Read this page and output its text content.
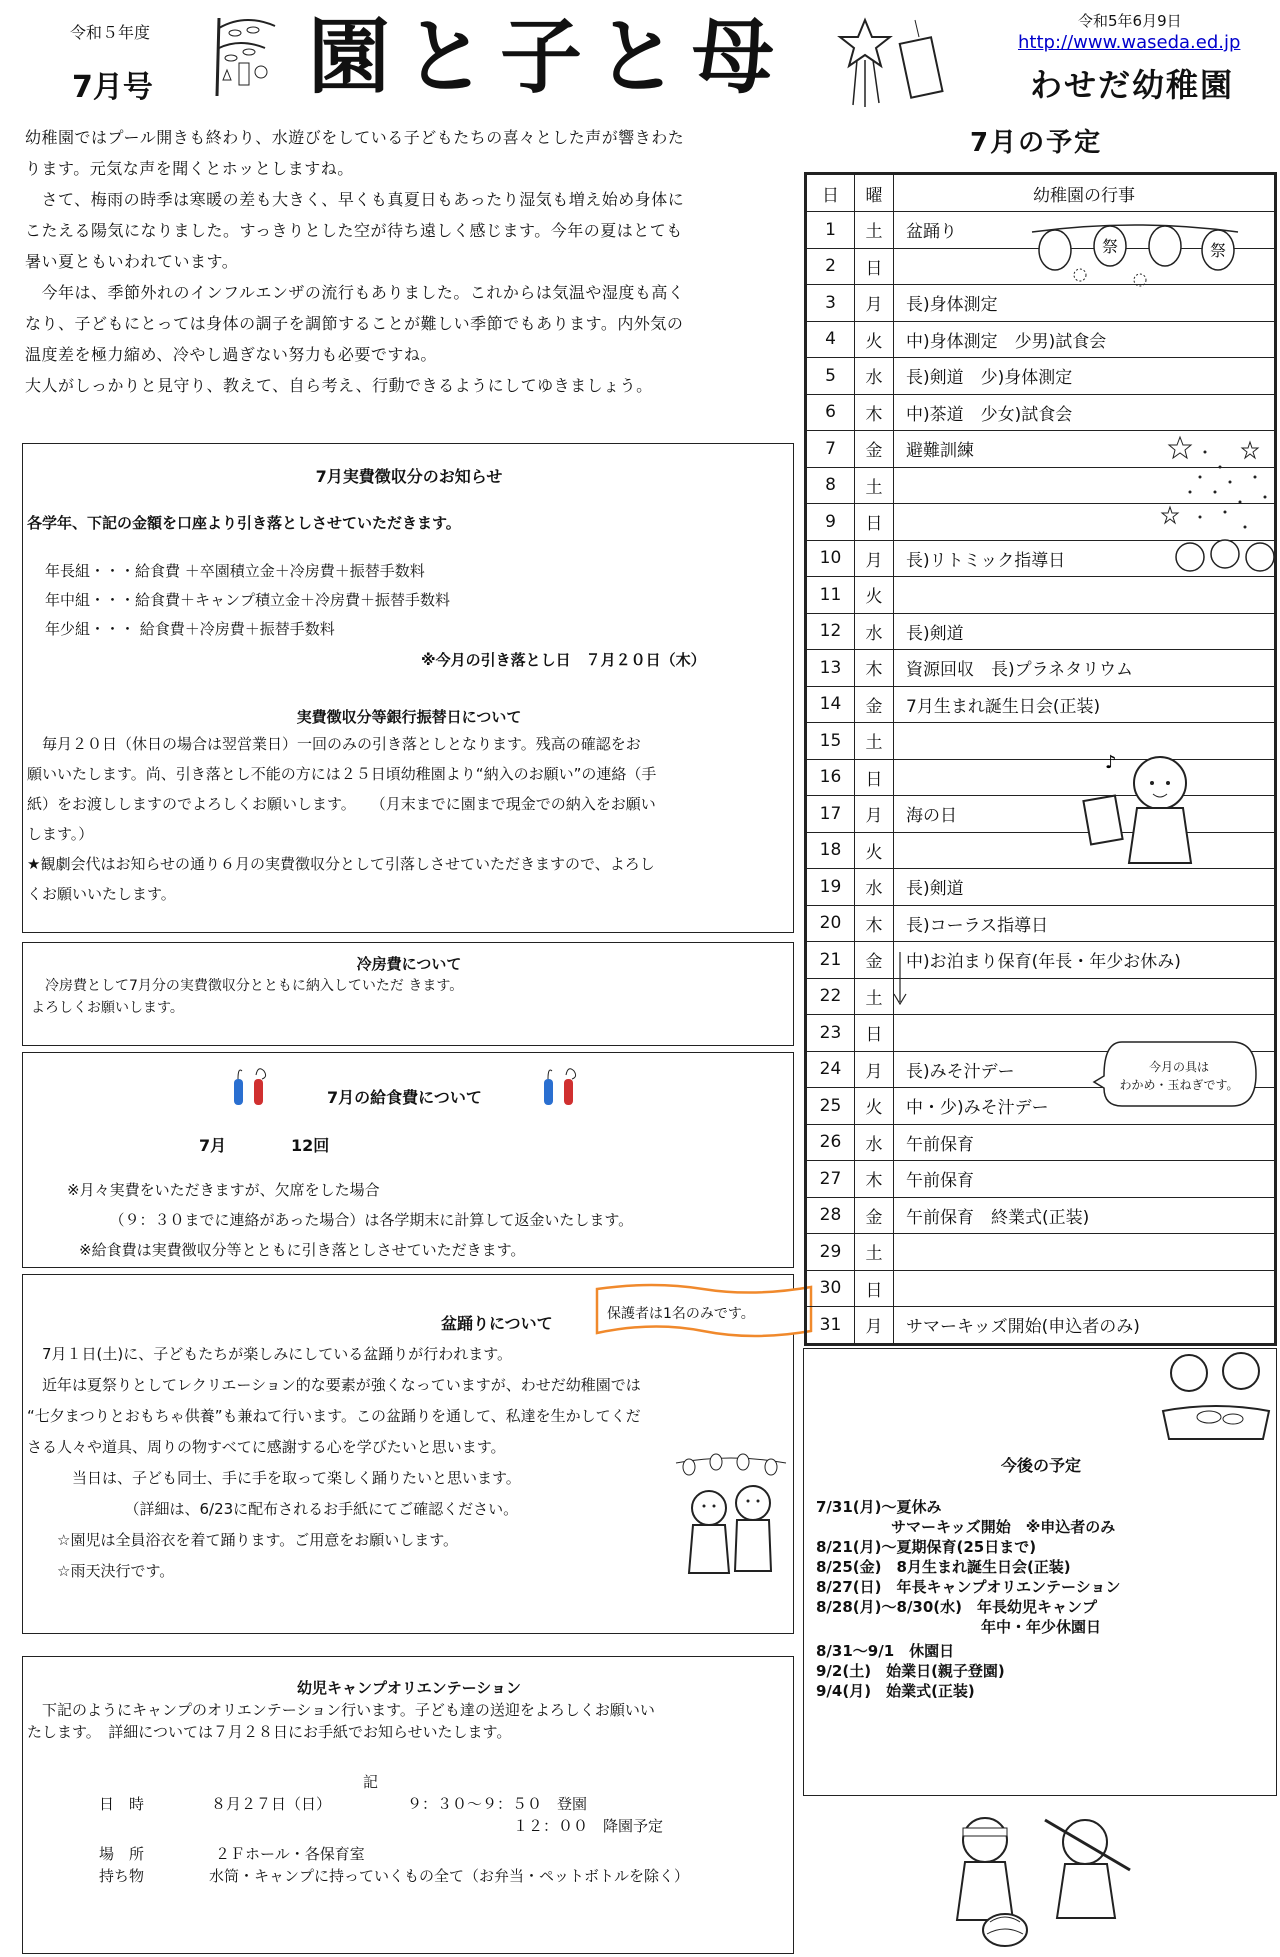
令和５年度
7月号 園と子と母	令和5年6月9日
http://www.waseda.ed.jp
わせだ幼稚園
幼稚園ではプール開きも終わり、水遊びをしている子どもたちの喜々とした声が響きわた
ります。元気な声を聞くとホッとしますね。
　さて、梅雨の時季は寒暖の差も大きく、早くも真夏日もあったり湿気も増え始め身体に
こたえる陽気になりました。すっきりとした空が待ち遠しく感じます。今年の夏はとても
暑い夏ともいわれています。
　今年は、季節外れのインフルエンザの流行もありました。これからは気温や湿度も高く
なり、子どもにとっては身体の調子を調節することが難しい季節でもあります。内外気の
温度差を極力縮め、冷やし過ぎない努力も必要ですね。
大人がしっかりと見守り、教えて、自ら考え、行動できるようにしてゆきましょう。
7月実費徴収分のお知らせ
各学年、下記の金額を口座より引き落としさせていただきます。
年長組・・・給食費 ＋卒園積立金＋冷房費＋振替手数料
年中組・・・給食費＋キャンプ積立金＋冷房費＋振替手数料
年少組・・・ 給食費＋冷房費＋振替手数料
※今月の引き落とし日　７月２０日（木）
実費徴収分等銀行振替日について
　毎月２０日（休日の場合は翌営業日）一回のみの引き落としとなります。残高の確認をお
願いいたします。尚、引き落とし不能の方には２５日頃幼稚園より“納入のお願い”の連絡（手
紙）をお渡ししますのでよろしくお願いします。　　（月末までに園まで現金での納入をお願い
します。）
★観劇会代はお知らせの通り６月の実費徴収分として引落しさせていただきますので、よろし
くお願いいたします。
冷房費について
　冷房費として7月分の実費徴収分とともに納入していただ きます。
よろしくお願いします。
7月の給食費について
7月	12回
※月々実費をいただきますが、欠席をした場合
　　（９：３０までに連絡があった場合）は各学期末に計算して返金いたします。
※給食費は実費徴収分等とともに引き落としさせていただきます。
盆踊りについて	保護者は1名のみです。
　7月１日(土)に、子どもたちが楽しみにしている盆踊りが行われます。
　近年は夏祭りとしてレクリエーション的な要素が強くなっていますが、わせだ幼稚園では
“七夕まつりとおもちゃ供養”も兼ねて行います。この盆踊りを通して、私達を生かしてくだ
さる人々や道具、周りの物すべてに感謝する心を学びたいと思います。
　　　当日は、子ども同士、手に手を取って楽しく踊りたいと思います。
　　　　　　　（詳細は、6/23に配布されるお手紙にてご確認ください。
　　☆園児は全員浴衣を着て踊ります。ご用意をお願いします。
　　☆雨天決行です。
幼児キャンプオリエンテーション
　下記のようにキャンプのオリエンテーション行います。子ども達の送迎をよろしくお願いい
たします。　詳細については７月２８日にお手紙でお知らせいたします。
記
日　時	８月２７日（日）	９：３０〜９：５０　登園
１２：００　降園予定
場　所	２Ｆホール・各保育室
持ち物	水筒・キャンプに持っていくもの全て（お弁当・ペットボトルを除く）
7月の予定
日	曜	幼稚園の行事
1	土	盆踊り
2	日	
3	月	長)身体測定
4	火	中)身体測定　少男)試食会
5	水	長)剣道　少)身体測定
6	木	中)茶道　少女)試食会
7	金	避難訓練
8	土	
9	日	
10	月	長)リトミック指導日
11	火	
12	水	長)剣道
13	木	資源回収　長)プラネタリウム
14	金	7月生まれ誕生日会(正装)
15	土	
16	日	
17	月	海の日
18	火	
19	水	長)剣道
20	木	長)コーラス指導日
21	金	中)お泊まり保育(年長・年少お休み)
22	土	
23	日	
24	月	長)みそ汁デー
25	火	中・少)みそ汁デー
26	水	午前保育
27	木	午前保育
28	金	午前保育　終業式(正装)
29	土	
30	日	
31	月	サマーキッズ開始(申込者のみ)
祭	祭
♪
今月の具は
わかめ・玉ねぎです。
今後の予定
7/31(月)〜夏休み
　　　　　サマーキッズ開始　※申込者のみ
8/21(月)〜夏期保育(25日まで)
8/25(金)　8月生まれ誕生日会(正装)
8/27(日)　年長キャンプオリエンテーション
8/28(月)〜8/30(水)　年長幼児キャンプ
　　　　　　　　　　　年中・年少休園日
8/31〜9/1　休園日
9/2(土)　始業日(親子登園)
9/4(月)　始業式(正装)
